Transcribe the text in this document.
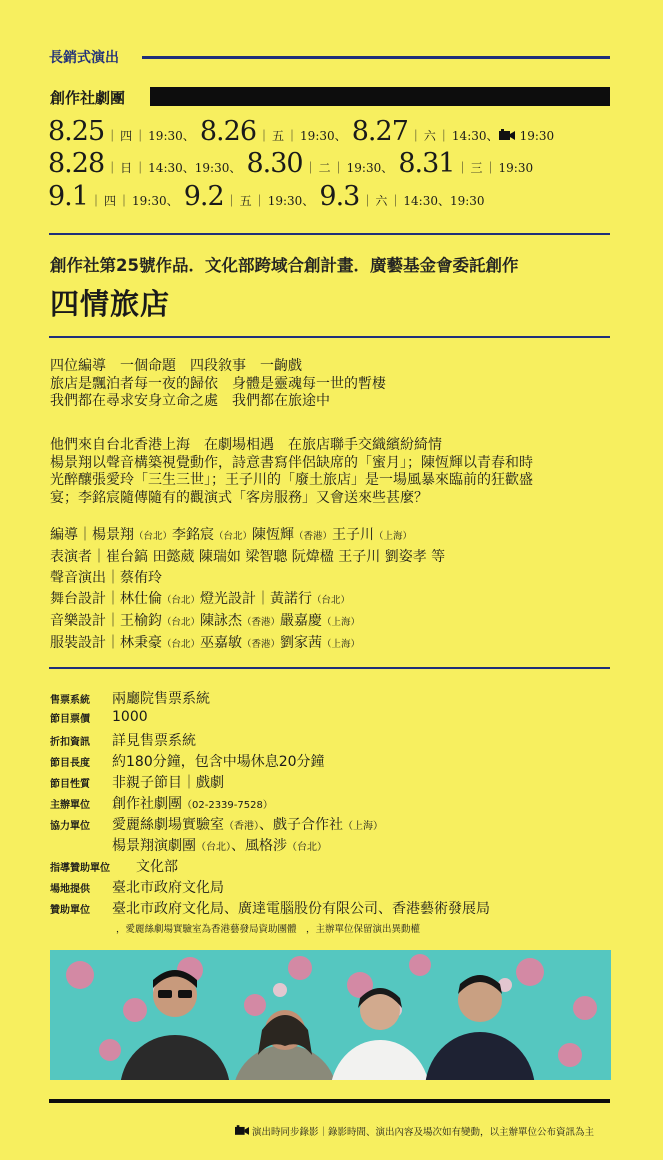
長銷式演出
創作社劇團
8.25 ｜ 四 ｜ 19:30、 8.26 ｜ 五 ｜ 19:30、 8.27 ｜ 六 ｜ 14:30、 19:30
8.28 ｜ 日 ｜ 14:30、19:30、 8.30 ｜ 二 ｜ 19:30、 8.31 ｜ 三 ｜ 19:30
9.1 ｜ 四 ｜ 19:30、 9.2 ｜ 五 ｜ 19:30、 9.3 ｜ 六 ｜ 14:30、19:30
創作社第25號作品．文化部跨域合創計畫．廣藝基金會委託創作
四情旅店
四位編導　一個命題　四段敘事　一齣戲
旅店是飄泊者每一夜的歸依　身體是靈魂每一世的暫棲
我們都在尋求安身立命之處　我們都在旅途中
他們來自台北香港上海　在劇場相遇　在旅店聯手交織繽紛綺情
楊景翔以聲音構築視覺動作，詩意書寫伴侶缺席的「蜜月」；陳恆輝以青春和時
光醉釀張愛玲「三生三世」；王子川的「廢土旅店」是一場風暴來臨前的狂歡盛
宴；李銘宸隨傳隨有的觀演式「客房服務」又會送來些甚麼？
編導｜楊景翔（台北）李銘宸（台北）陳恆輝（香港）王子川（上海）
表演者｜崔台鎬 田懿葳 陳瑞如 梁智聰 阮煒楹 王子川 劉姿孝 等
聲音演出｜蔡侑玲
舞台設計｜林仕倫（台北）燈光設計｜黃諾行（台北）
音樂設計｜王榆鈞（台北）陳詠杰（香港）嚴嘉慶（上海）
服裝設計｜林秉豪（台北）巫嘉敏（香港）劉家茜（上海）
售票系統 兩廳院售票系統
節目票價 1000
折扣資訊 詳見售票系統
節目長度 約180分鐘，包含中場休息20分鐘
節目性質 非親子節目｜戲劇
主辦單位 創作社劇團（02-2339-7528）
協力單位 愛麗絲劇場實驗室（香港）、戲子合作社（上海）
楊景翔演劇團（台北）、風格涉（台北）
指導贊助單位 文化部
場地提供 臺北市政府文化局
贊助單位 臺北市政府文化局、廣達電腦股份有限公司、香港藝術發展局
，愛麗絲劇場實驗室為香港藝發局資助團體　，主辦單位保留演出異動權
演出時同步錄影｜錄影時間、演出內容及場次如有變動，以主辦單位公布資訊為主
